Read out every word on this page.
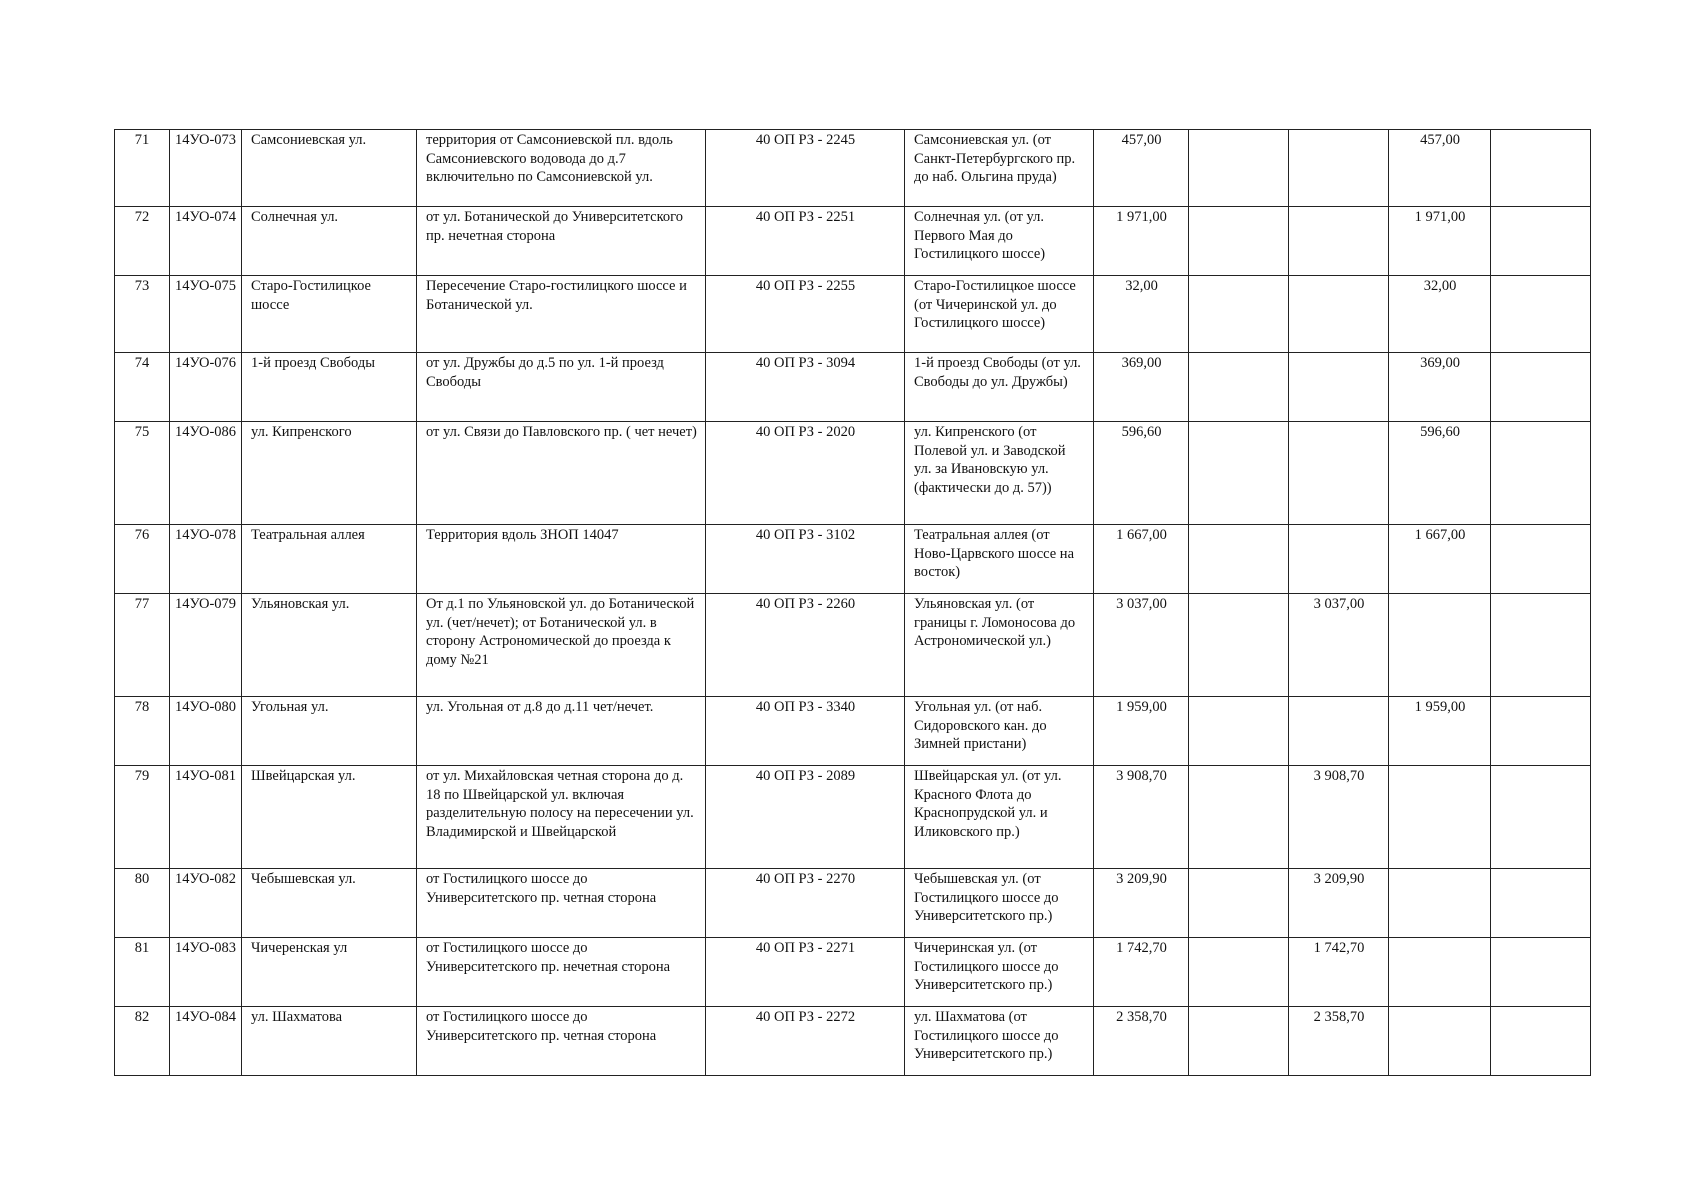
71	14УО-073	Самсониевская ул.	территория от Самсониевской пл. вдоль Самсониевского водовода до д.7 включительно по Самсониевской ул.	40 ОП РЗ - 2245	Самсониевская ул. (от Санкт-Петербургского пр. до наб. Ольгина пруда)	457,00			457,00	
72	14УО-074	Солнечная ул.	от ул. Ботанической до Университетского пр. нечетная сторона	40 ОП РЗ - 2251	Солнечная ул. (от ул. Первого Мая до Гостилицкого шоссе)	1 971,00			1 971,00	
73	14УО-075	Старо-Гостилицкое шоссе	Пересечение Старо-гостилицкого шоссе и Ботанической ул.	40 ОП РЗ - 2255	Старо-Гостилицкое шоссе (от Чичеринской ул. до Гостилицкого шоссе)	32,00			32,00	
74	14УО-076	1-й проезд Свободы	от ул. Дружбы до д.5 по ул. 1-й проезд Свободы	40 ОП РЗ - 3094	1-й проезд Свободы (от ул. Свободы до ул. Дружбы)	369,00			369,00	
75	14УО-086	ул. Кипренского	от ул. Связи до Павловского пр. ( чет нечет)	40 ОП РЗ - 2020	ул. Кипренского (от Полевой ул. и Заводской ул. за Ивановскую ул. (фактически до д. 57))	596,60			596,60	
76	14УО-078	Театральная аллея	Территория вдоль ЗНОП 14047	40 ОП РЗ - 3102	Театральная аллея (от Ново-Царвского шоссе на восток)	1 667,00			1 667,00	
77	14УО-079	Ульяновская ул.	От д.1 по Ульяновской ул. до Ботанической ул. (чет/нечет); от Ботанической ул. в сторону Астрономической до проезда к дому №21	40 ОП РЗ - 2260	Ульяновская ул. (от границы г. Ломоносова до Астрономической ул.)	3 037,00		3 037,00		
78	14УО-080	Угольная ул.	ул. Угольная от д.8 до д.11 чет/нечет.	40 ОП РЗ - 3340	Угольная ул. (от наб. Сидоровского кан. до Зимней пристани)	1 959,00			1 959,00	
79	14УО-081	Швейцарская ул.	от ул. Михайловская четная сторона до д. 18 по Швейцарской ул. включая разделительную полосу на пересечении ул. Владимирской и Швейцарской	40 ОП РЗ - 2089	Швейцарская ул. (от ул. Красного Флота до Краснопрудской ул. и Иликовского пр.)	3 908,70		3 908,70		
80	14УО-082	Чебышевская ул.	от Гостилицкого шоссе до Университетского пр. четная сторона	40 ОП РЗ - 2270	Чебышевская ул. (от Гостилицкого шоссе до Университетского пр.)	3 209,90		3 209,90		
81	14УО-083	Чичеренская ул	от Гостилицкого шоссе до Университетского пр. нечетная сторона	40 ОП РЗ - 2271	Чичеринская ул. (от Гостилицкого шоссе до Университетского пр.)	1 742,70		1 742,70		
82	14УО-084	ул. Шахматова	от Гостилицкого шоссе до Университетского пр. четная сторона	40 ОП РЗ - 2272	ул. Шахматова (от Гостилицкого шоссе до Университетского пр.)	2 358,70		2 358,70		
